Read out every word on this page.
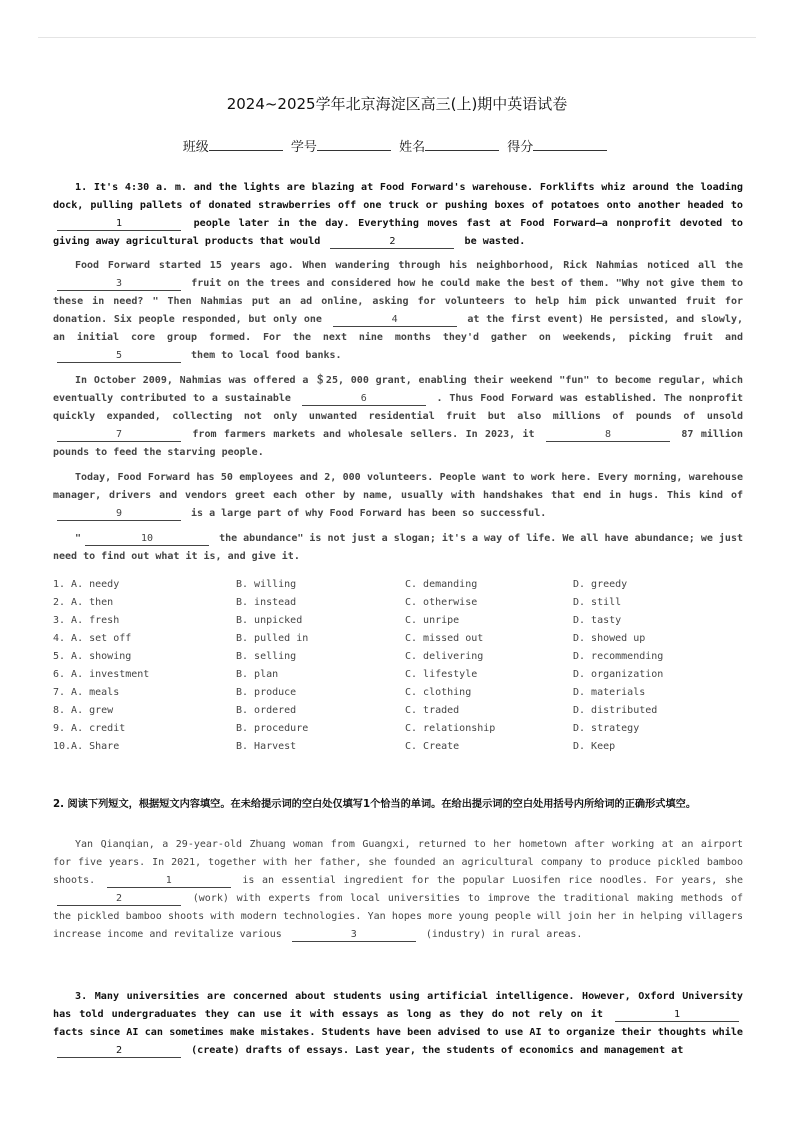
2024~2025学年北京海淀区高三(上)期中英语试卷
班级	学号	姓名	得分
1. It's 4:30 a. m. and the lights are blazing at Food Forward's warehouse. Forklifts whiz around the loading dock, pulling pallets of donated strawberries off one truck or pushing boxes of potatoes onto another headed to 1	people later in the day. Everything moves fast at Food Forward—a nonprofit devoted to giving away agricultural products that would	2	be wasted.

Food Forward started 15 years ago. When wandering through his neighborhood, Rick Nahmias noticed all the 3	fruit on the trees and considered how he could make the best of them. "Why not give them to these in need? " Then Nahmias put an ad online, asking for volunteers to help him pick unwanted fruit for donation. Six people responded, but only one	4	at the first event) He persisted, and slowly, an initial core group formed. For the next nine months they'd gather on weekends, picking fruit and 5	them to local food banks.

In October 2009, Nahmias was offered a ＄25, 000 grant, enabling their weekend "fun" to become regular, which eventually contributed to a sustainable	6	. Thus Food Forward was established. The nonprofit quickly expanded, collecting not only unwanted residential fruit but also millions of pounds of unsold 7	from farmers markets and wholesale sellers. In 2023, it	8	87 million pounds to feed the starving people.

Today, Food Forward has 50 employees and 2, 000 volunteers. People want to work here. Every morning, warehouse manager, drivers and vendors greet each other by name, usually with handshakes that end in hugs. This kind of 9	is a large part of why Food Forward has been so successful.

"	10	the abundance" is not just a slogan; it's a way of life. We all have abundance; we just need to find out what it is, and give it.

1. A. needy	B. willing	C. demanding	D. greedy
2. A. then	B. instead	C. otherwise	D. still
3. A. fresh	B. unpicked	C. unripe	D. tasty
4. A. set off	B. pulled in	C. missed out	D. showed up
5. A. showing	B. selling	C. delivering	D. recommending
6. A. investment	B. plan	C. lifestyle	D. organization
7. A. meals	B. produce	C. clothing	D. materials
8. A. grew	B. ordered	C. traded	D. distributed
9. A. credit	B. procedure	C. relationship	D. strategy
10.A. Share	B. Harvest	C. Create	D. Keep
2. 阅读下列短文，根据短文内容填空。在未给提示词的空白处仅填写1个恰当的单词。在给出提示词的空白处用括号内所给词的正确形式填空。

Yan Qianqian, a 29-year-old Zhuang woman from Guangxi, returned to her hometown after working at an airport for five years. In 2021, together with her father, she founded an agricultural company to produce pickled bamboo shoots.	1	is an essential ingredient for the popular Luosifen rice noodles. For years, she 2	(work) with experts from local universities to improve the traditional making methods of the pickled bamboo shoots with modern technologies. Yan hopes more young people will join her in helping villagers increase income and revitalize various	3	(industry) in rural areas.

3. Many universities are concerned about students using artificial intelligence. However, Oxford University has told undergraduates they can use it with essays as long as they do not rely on it	1 facts since AI can sometimes make mistakes. Students have been advised to use AI to organize their thoughts while 2	(create) drafts of essays. Last year, the students of economics and management at
